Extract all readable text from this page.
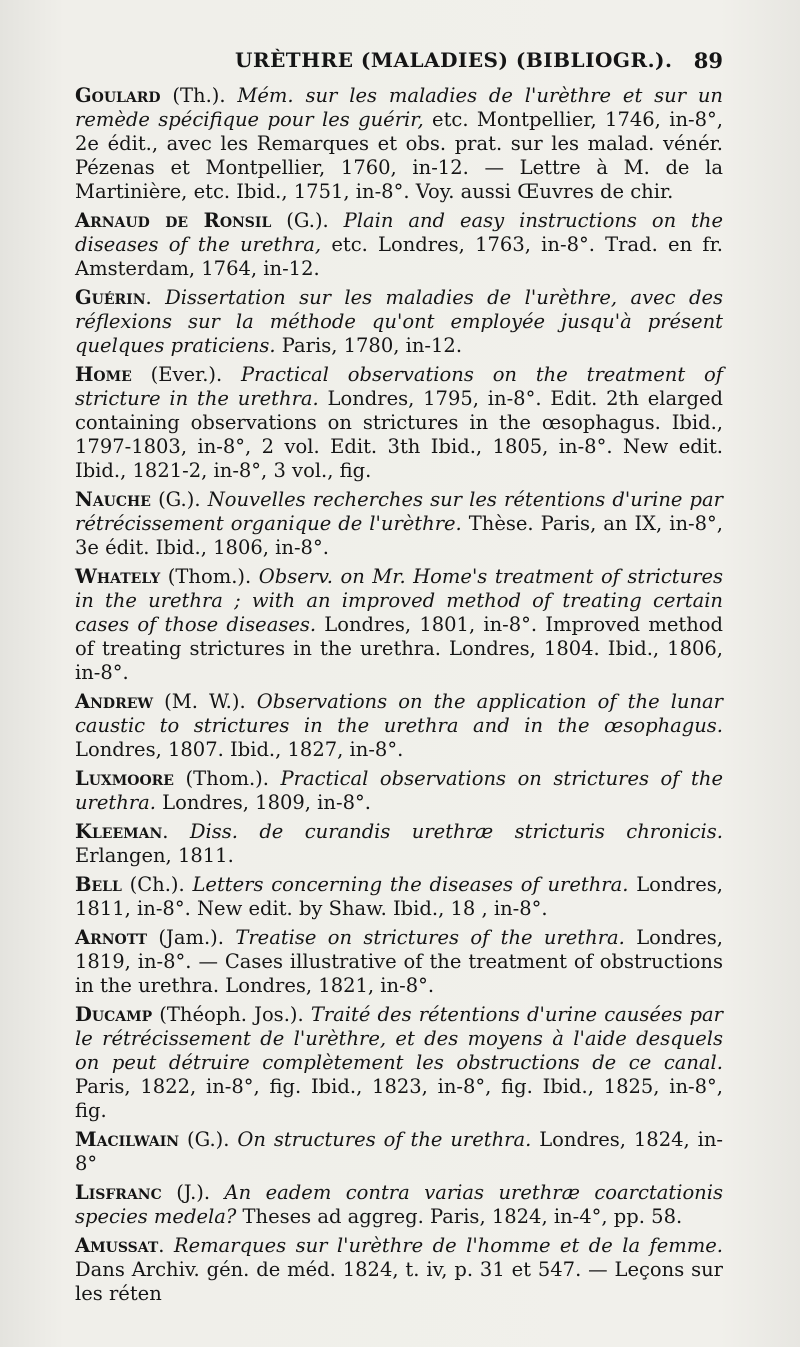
URÈTHRE (MALADIES) (BIBLIOGR.). 89

Goulard (Th.). Mém. sur les maladies de l'urèthre et sur un remède spécifique pour les guérir, etc. Montpellier, 1746, in-8°, 2e édit., avec les Remarques et obs. prat. sur les malad. vénér. Pézenas et Montpellier, 1760, in-12. — Lettre à M. de la Martinière, etc. Ibid., 1751, in-8°. Voy. aussi Œuvres de chir.

Arnaud de Ronsil (G.). Plain and easy instructions on the diseases of the urethra, etc. Londres, 1763, in-8°. Trad. en fr. Amsterdam, 1764, in-12.

Guérin. Dissertation sur les maladies de l'urèthre, avec des réflexions sur la méthode qu'ont employée jusqu'à présent quelques praticiens. Paris, 1780, in-12.

Home (Ever.). Practical observations on the treatment of stricture in the urethra. Londres, 1795, in-8°. Edit. 2th elarged containing observations on strictures in the œsophagus. Ibid., 1797-1803, in-8°, 2 vol. Edit. 3th Ibid., 1805, in-8°. New edit. Ibid., 1821-2, in-8°, 3 vol., fig.

Nauche (G.). Nouvelles recherches sur les rétentions d'urine par rétrécissement organique de l'urèthre. Thèse. Paris, an IX, in-8°, 3e édit. Ibid., 1806, in-8°.

Whately (Thom.). Observ. on Mr. Home's treatment of strictures in the urethra ; with an improved method of treating certain cases of those diseases. Londres, 1801, in-8°. Improved method of treating strictures in the urethra. Londres, 1804. Ibid., 1806, in-8°.

Andrew (M. W.). Observations on the application of the lunar caustic to strictures in the urethra and in the œsophagus. Londres, 1807. Ibid., 1827, in-8°.

Luxmoore (Thom.). Practical observations on strictures of the urethra. Londres, 1809, in-8°.

Kleeman. Diss. de curandis urethræ stricturis chronicis. Erlangen, 1811.

Bell (Ch.). Letters concerning the diseases of urethra. Londres, 1811, in-8°. New edit. by Shaw. Ibid., 18 , in-8°.

Arnott (Jam.). Treatise on strictures of the urethra. Londres, 1819, in-8°. — Cases illustrative of the treatment of obstructions in the urethra. Londres, 1821, in-8°.

Ducamp (Théoph. Jos.). Traité des rétentions d'urine causées par le rétrécissement de l'urèthre, et des moyens à l'aide desquels on peut détruire complètement les obstructions de ce canal. Paris, 1822, in-8°, fig. Ibid., 1823, in-8°, fig. Ibid., 1825, in-8°, fig.

Macilwain (G.). On structures of the urethra. Londres, 1824, in-8°

Lisfranc (J.). An eadem contra varias urethræ coarctationis species medela? Theses ad aggreg. Paris, 1824, in-4°, pp. 58.

Amussat. Remarques sur l'urèthre de l'homme et de la femme. Dans Archiv. gén. de méd. 1824, t. iv, p. 31 et 547. — Leçons sur les réten
